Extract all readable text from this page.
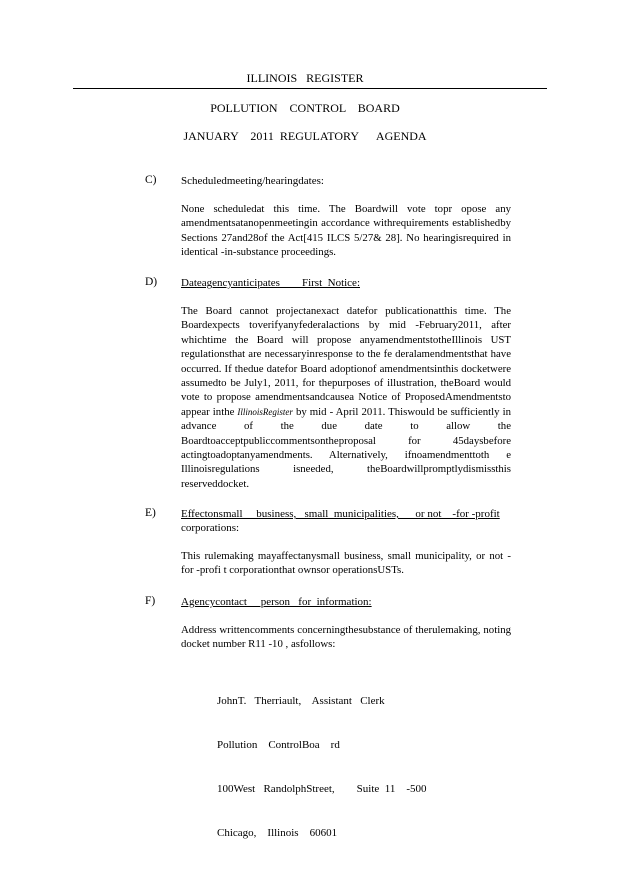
ILLINOIS   REGISTER
POLLUTION    CONTROL    BOARD
JANUARY    2011  REGULATORY      AGENDA
C) Scheduledmeeting/hearingdates:
None scheduledat this time. The Boardwill vote topr opose any amendmentsatanopenmeetingin accordance withrequirements establishedby Sections 27and28of the Act[415 ILCS 5/27& 28]. No hearingisrequired in identical -in-substance proceedings.
D) Dateagencyanticipates        First  Notice:
The Board cannot projectanexact datefor publicationatthis time. The Boardexpects toverifyanyfederalactions by mid -February2011, after whichtime the Board will propose anyamendmentstotheIllinois UST regulationsthat are necessaryinresponse to the fe deralamendmentsthat have occurred. If thedue datefor Board adoptionof amendmentsinthis docketwere assumedto be July1, 2011, for thepurposes of illustration, theBoard would vote to propose amendmentsandcausea Notice of ProposedAmendmentsto appear inthe IllinoisRegister by mid - April 2011. Thiswould be sufficiently in advance of the due date to allow the Boardtoacceptpubliccommentsontheproposal for 45daysbefore actingtoadoptanyamendments. Alternatively, ifnoamendmenttoth e Illinoisregulations isneeded, theBoardwillpromptlydismissthis reserveddocket.
E) Effectonsmall     business,   small  municipalities,      or not    -for -profit
corporations:
This rulemaking mayaffectanysmall business, small municipality, or not -for -profi t corporationthat ownsor operationsUSTs.
F) Agencycontact     person   for  information:
Address writtencomments concerningthesubstance of therulemaking, noting docket number R11 -10 , asfollows:

JohnT.   Therriault,    Assistant   Clerk

Pollution    ControlBoa    rd

100West   RandolphStreet,        Suite  11    -500

Chicago,    Illinois    60601
